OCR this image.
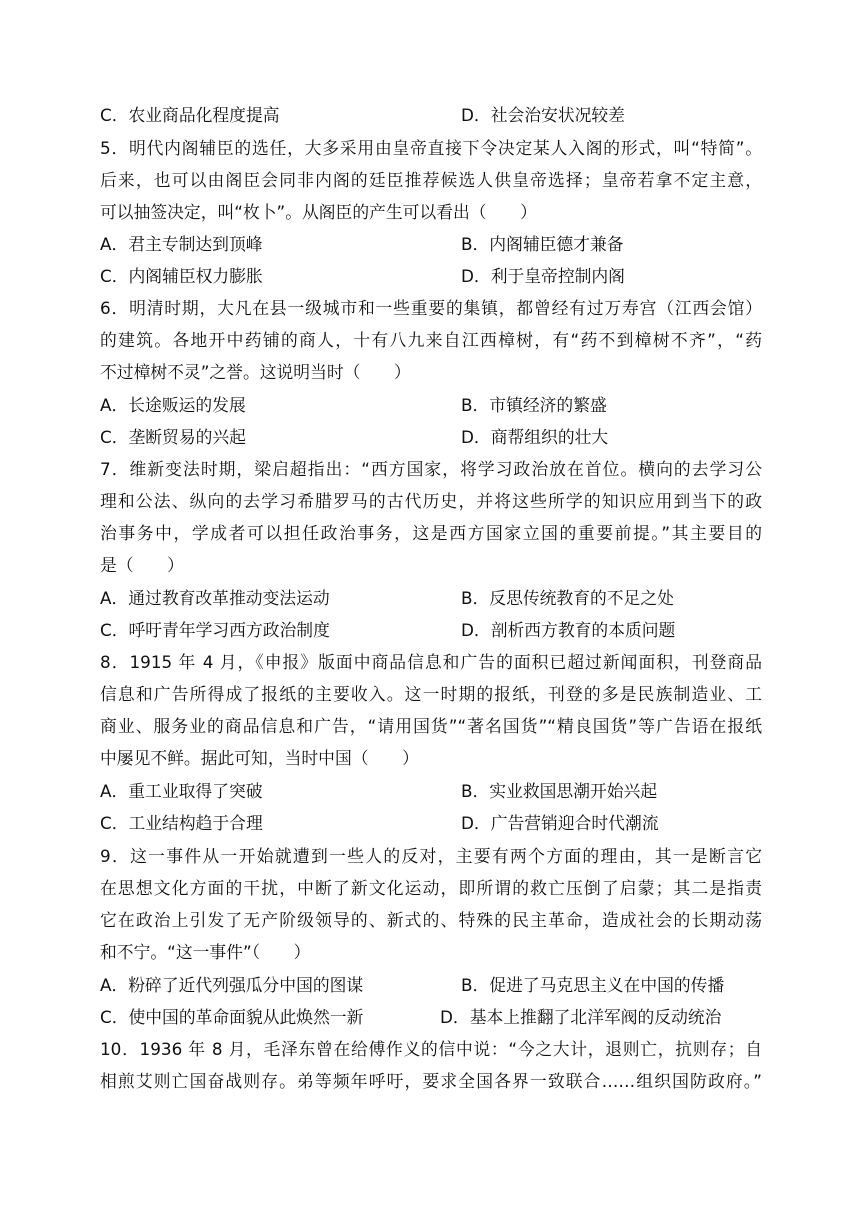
C．农业商品化程度提高	D．社会治安状况较差
5．明代内阁辅臣的选任，大多采用由皇帝直接下令决定某人入阁的形式，叫“特简”。
后来，也可以由阁臣会同非内阁的廷臣推荐候选人供皇帝选择；皇帝若拿不定主意，
可以抽签决定，叫“枚卜”。从阁臣的产生可以看出（　　）
A．君主专制达到顶峰	B．内阁辅臣德才兼备
C．内阁辅臣权力膨胀	D．利于皇帝控制内阁
6．明清时期，大凡在县一级城市和一些重要的集镇，都曾经有过万寿宫（江西会馆）
的建筑。各地开中药铺的商人，十有八九来自江西樟树，有“药不到樟树不齐”，“药
不过樟树不灵”之誉。这说明当时（　　）
A．长途贩运的发展	B．市镇经济的繁盛
C．垄断贸易的兴起	D．商帮组织的壮大
7．维新变法时期，梁启超指出：“西方国家，将学习政治放在首位。横向的去学习公
理和公法、纵向的去学习希腊罗马的古代历史，并将这些所学的知识应用到当下的政
治事务中，学成者可以担任政治事务，这是西方国家立国的重要前提。”其主要目的
是（　　）
A．通过教育改革推动变法运动	B．反思传统教育的不足之处
C．呼吁青年学习西方政治制度	D．剖析西方教育的本质问题
8．1915 年 4 月，《申报》版面中商品信息和广告的面积已超过新闻面积，刊登商品
信息和广告所得成了报纸的主要收入。这一时期的报纸，刊登的多是民族制造业、工
商业、服务业的商品信息和广告，“请用国货”“著名国货”“精良国货”等广告语在报纸
中屡见不鲜。据此可知，当时中国（　　）
A．重工业取得了突破	B．实业救国思潮开始兴起
C．工业结构趋于合理	D．广告营销迎合时代潮流
9．这一事件从一开始就遭到一些人的反对，主要有两个方面的理由，其一是断言它
在思想文化方面的干扰，中断了新文化运动，即所谓的救亡压倒了启蒙；其二是指责
它在政治上引发了无产阶级领导的、新式的、特殊的民主革命，造成社会的长期动荡
和不宁。“这一事件”（　　）
A．粉碎了近代列强瓜分中国的图谋	B．促进了马克思主义在中国的传播
C．使中国的革命面貌从此焕然一新	D．基本上推翻了北洋军阀的反动统治
10．1936 年 8 月，毛泽东曾在给傅作义的信中说：“今之大计，退则亡，抗则存；自
相煎艾则亡国奋战则存。弟等频年呼吁，要求全国各界一致联合……组织国防政府。”
